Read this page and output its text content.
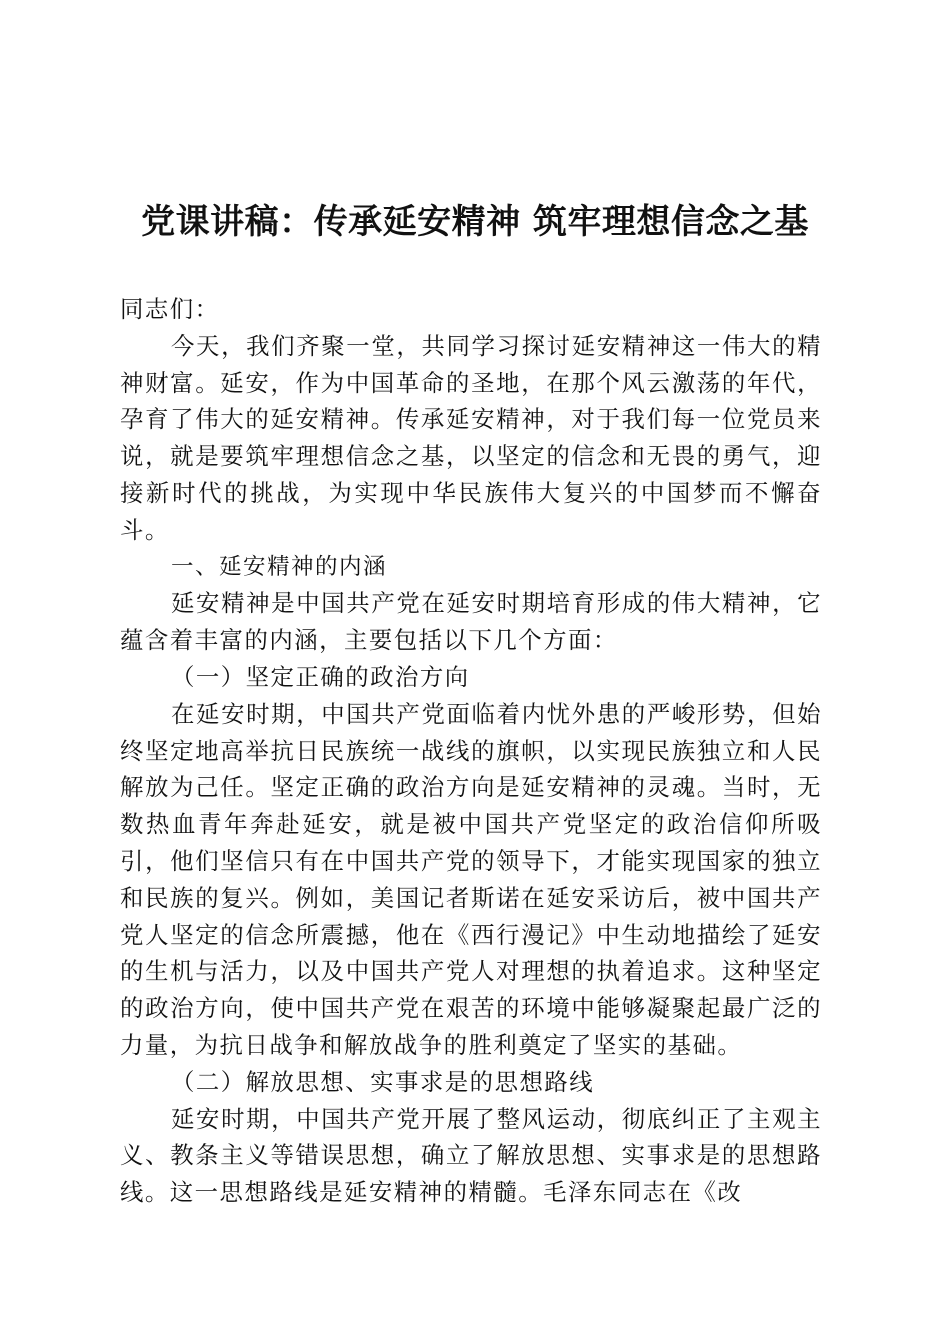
党课讲稿：传承延安精神 筑牢理想信念之基

同志们：

今天，我们齐聚一堂，共同学习探讨延安精神这一伟大的精神财富。延安，作为中国革命的圣地，在那个风云激荡的年代，孕育了伟大的延安精神。传承延安精神，对于我们每一位党员来说，就是要筑牢理想信念之基，以坚定的信念和无畏的勇气，迎接新时代的挑战，为实现中华民族伟大复兴的中国梦而不懈奋斗。

一、延安精神的内涵

延安精神是中国共产党在延安时期培育形成的伟大精神，它蕴含着丰富的内涵，主要包括以下几个方面：

（一）坚定正确的政治方向

在延安时期，中国共产党面临着内忧外患的严峻形势，但始终坚定地高举抗日民族统一战线的旗帜，以实现民族独立和人民解放为己任。坚定正确的政治方向是延安精神的灵魂。当时，无数热血青年奔赴延安，就是被中国共产党坚定的政治信仰所吸引，他们坚信只有在中国共产党的领导下，才能实现国家的独立和民族的复兴。例如，美国记者斯诺在延安采访后，被中国共产党人坚定的信念所震撼，他在《西行漫记》中生动地描绘了延安的生机与活力，以及中国共产党人对理想的执着追求。这种坚定的政治方向，使中国共产党在艰苦的环境中能够凝聚起最广泛的力量，为抗日战争和解放战争的胜利奠定了坚实的基础。

（二）解放思想、实事求是的思想路线

延安时期，中国共产党开展了整风运动，彻底纠正了主观主义、教条主义等错误思想，确立了解放思想、实事求是的思想路线。这一思想路线是延安精神的精髓。毛泽东同志在《改
